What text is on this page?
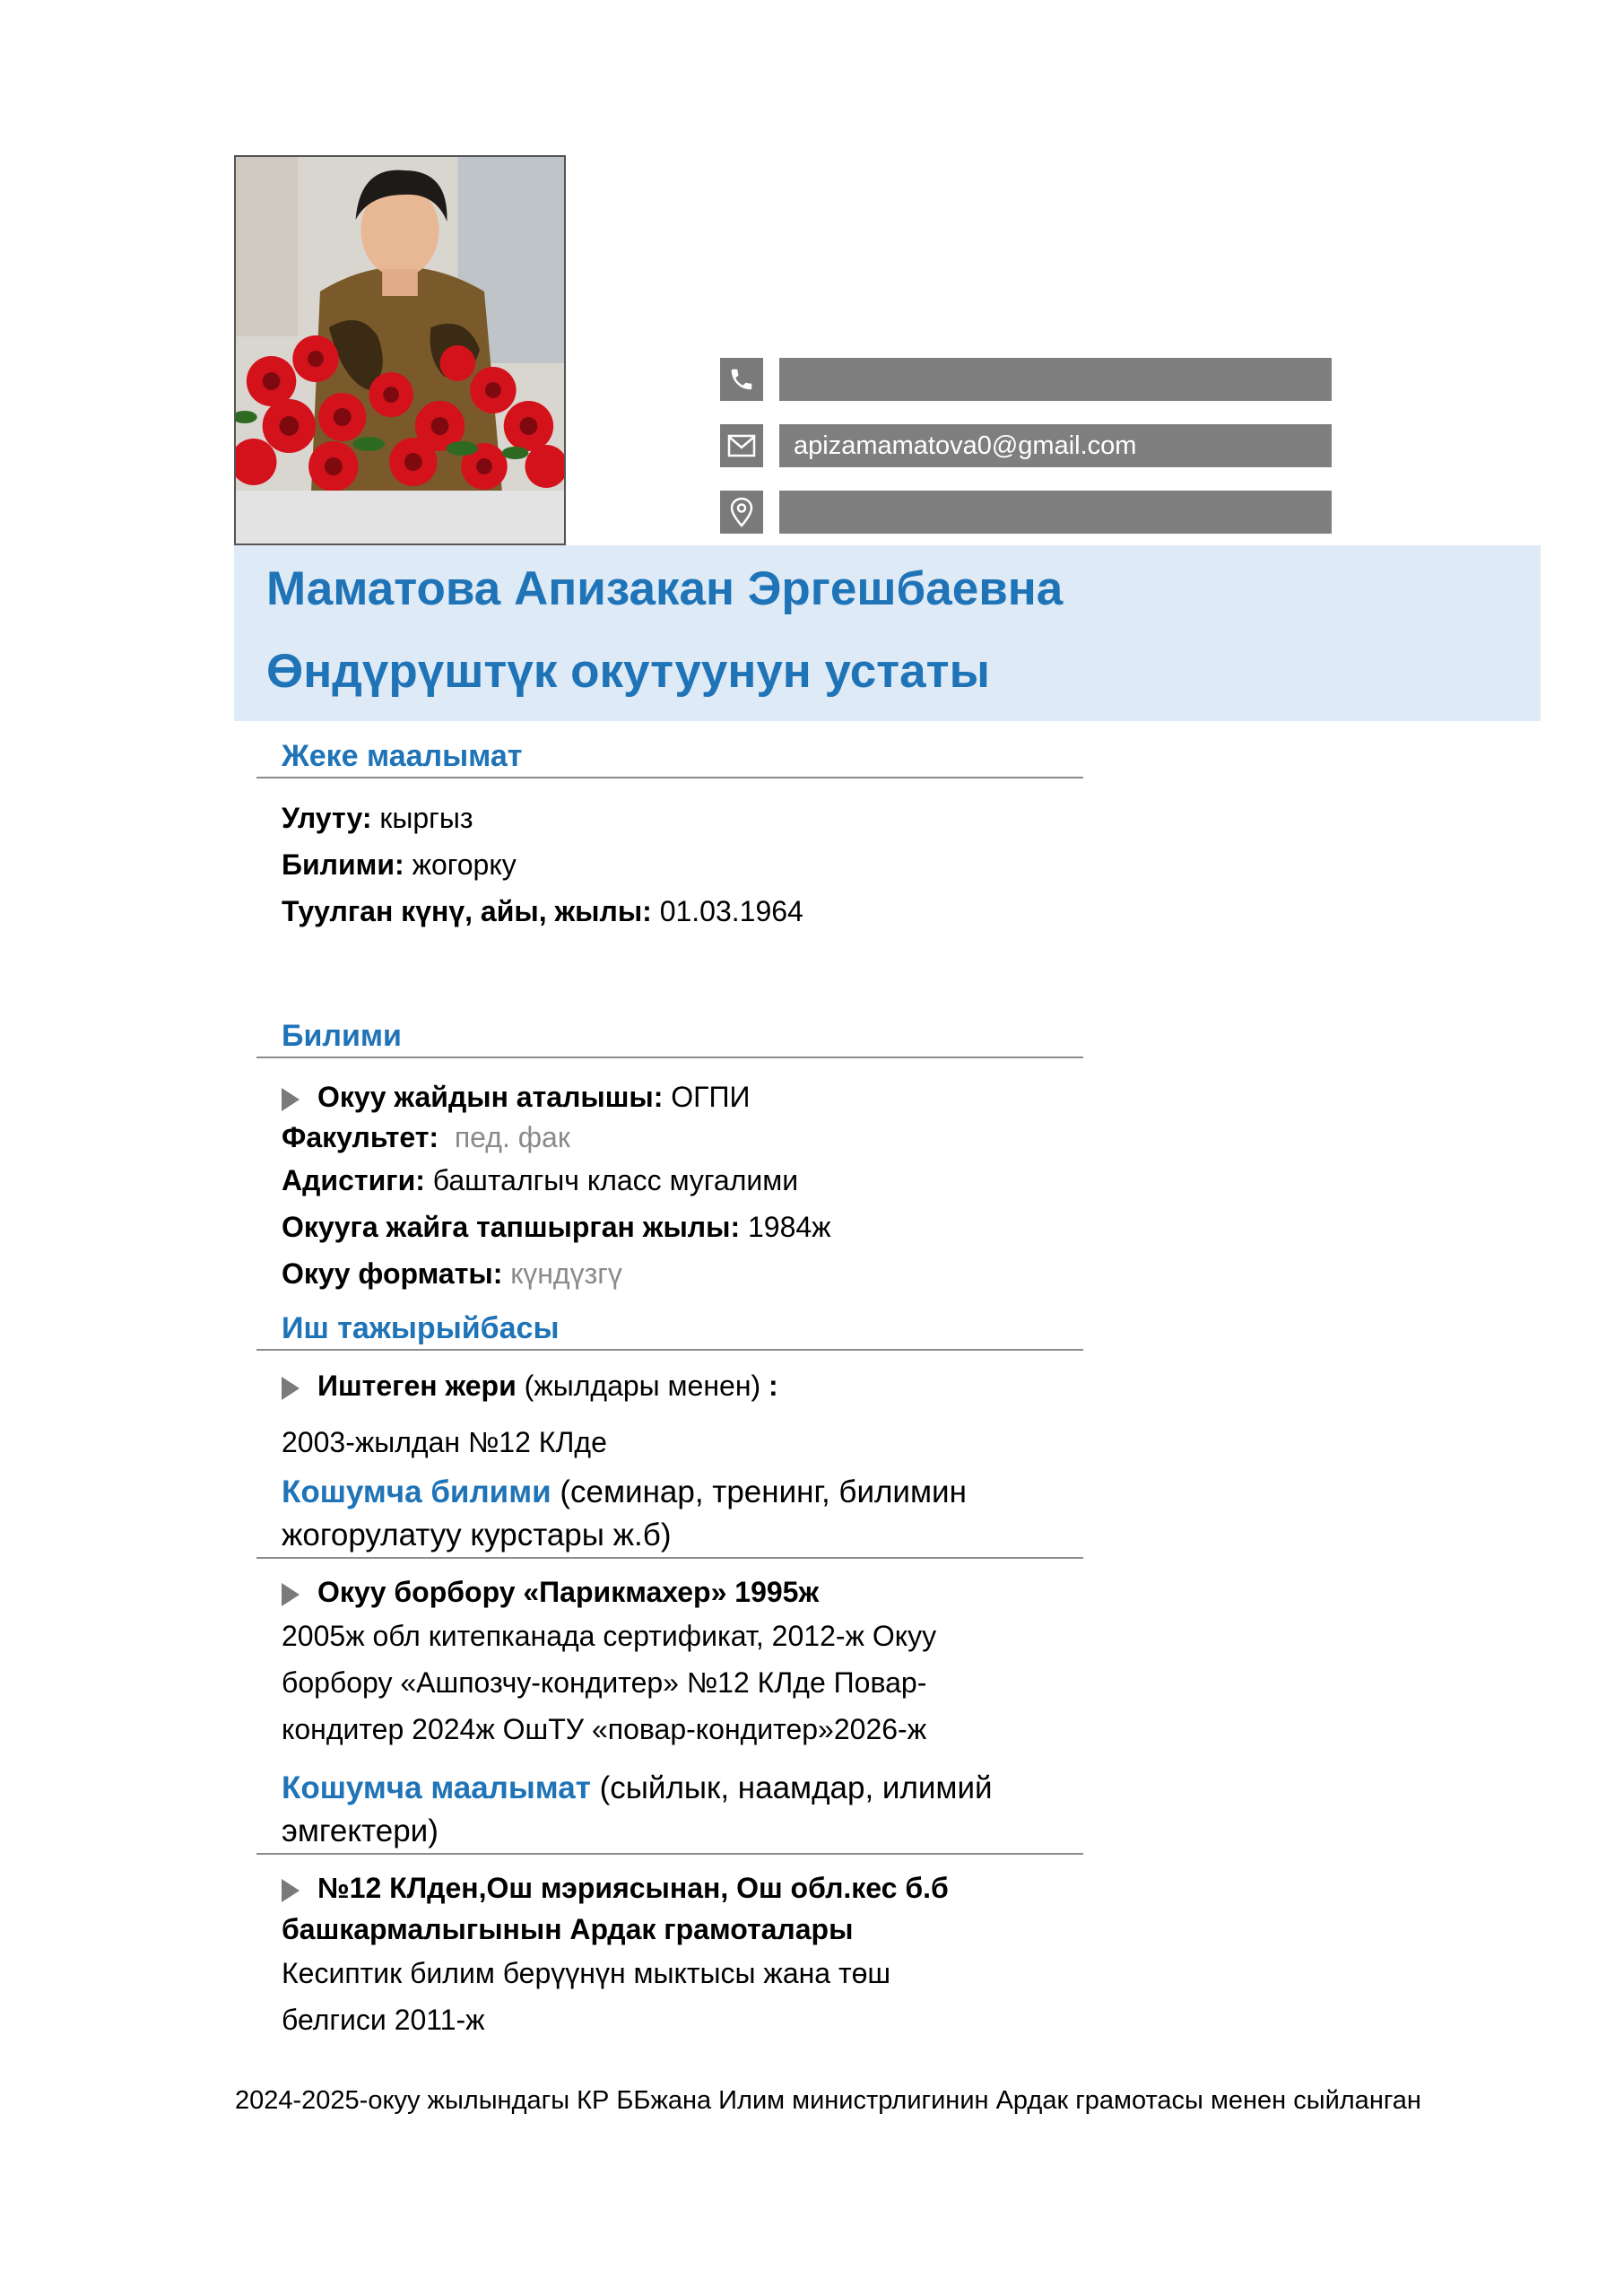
apizamamatova0@gmail.com
Маматова Апизакан Эргешбаевна
Өндүрүштүк окутуунун устаты
Жеке маалымат
Улуту: кыргыз
Билими: жогорку
Туулган күнү, айы, жылы: 01.03.1964
Билими
Окуу жайдын аталышы: ОГПИ
Факультет: пед. фак
Адистиги: башталгыч класс мугалими
Окууга жайга тапшырган жылы: 1984ж
Окуу форматы: күндүзгү
Иш тажырыйбасы
Иштеген жери (жылдары менен) :
2003-жылдан №12 КЛде
Кошумча билими (семинар, тренинг, билимин
жогорулатуу курстары ж.б)
Окуу борбору «Парикмахер» 1995ж
2005ж обл китепканада сертификат, 2012-ж Окуу
борбору «Ашпозчу-кондитер» №12 КЛде Повар-
кондитер 2024ж ОшТУ «повар-кондитер»2026-ж
Кошумча маалымат (сыйлык, наамдар, илимий
эмгектери)
№12 КЛден,Ош мэриясынан, Ош обл.кес б.б
башкармалыгынын Ардак грамоталары
Кесиптик билим берүүнүн мыктысы жана төш
белгиси 2011-ж
2024-2025-окуу жылындагы КР ББжана Илим министрлигинин Ардак грамотасы менен сыйланган
